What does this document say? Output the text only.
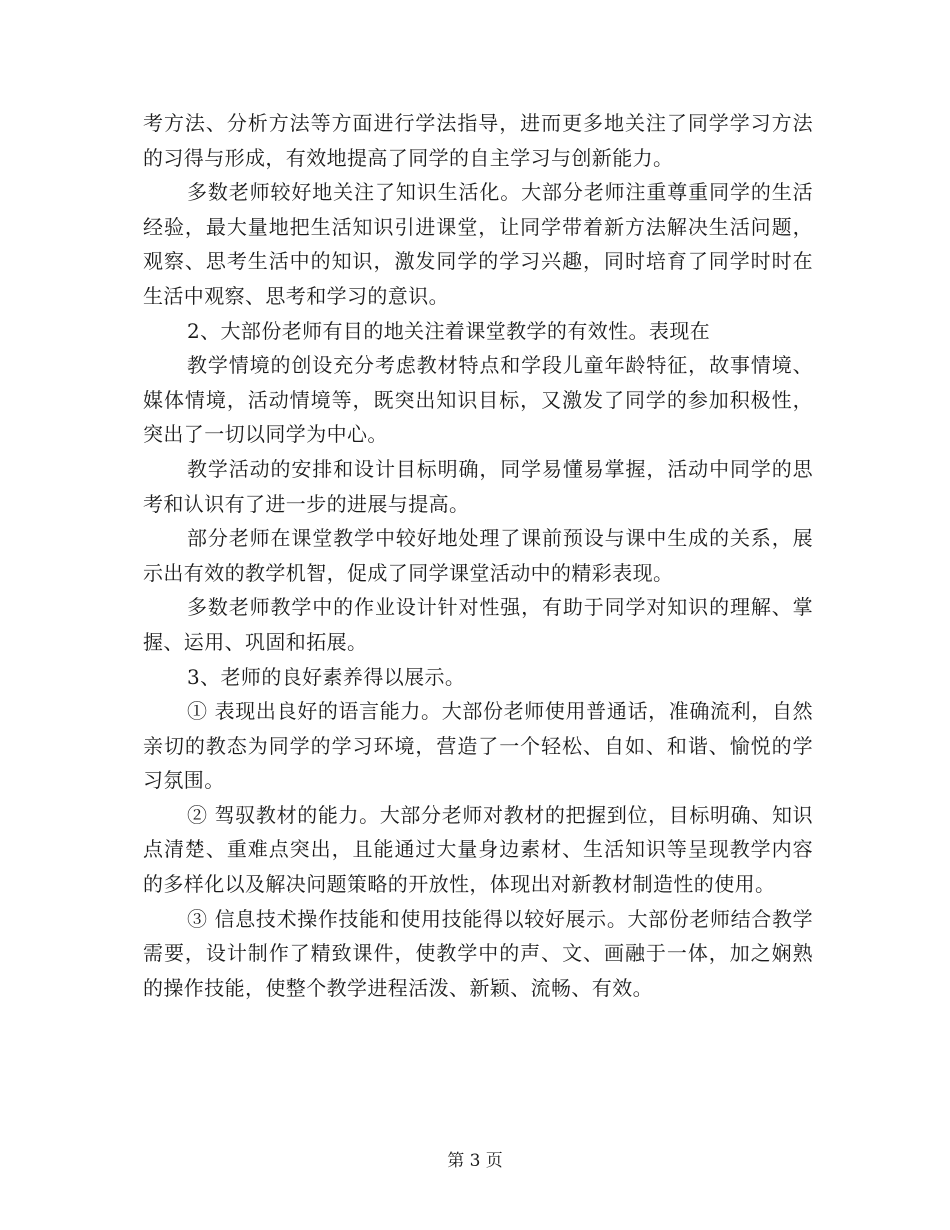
考方法、分析方法等方面进行学法指导，进而更多地关注了同学学习方法的习得与形成，有效地提高了同学的自主学习与创新能力。

多数老师较好地关注了知识生活化。大部分老师注重尊重同学的生活经验，最大量地把生活知识引进课堂，让同学带着新方法解决生活问题，观察、思考生活中的知识，激发同学的学习兴趣，同时培育了同学时时在生活中观察、思考和学习的意识。

2、大部份老师有目的地关注着课堂教学的有效性。表现在

教学情境的创设充分考虑教材特点和学段儿童年龄特征，故事情境、媒体情境，活动情境等，既突出知识目标，又激发了同学的参加积极性，突出了一切以同学为中心。

教学活动的安排和设计目标明确，同学易懂易掌握，活动中同学的思考和认识有了进一步的进展与提高。

部分老师在课堂教学中较好地处理了课前预设与课中生成的关系，展示出有效的教学机智，促成了同学课堂活动中的精彩表现。

多数老师教学中的作业设计针对性强，有助于同学对知识的理解、掌握、运用、巩固和拓展。

3、老师的良好素养得以展示。

① 表现出良好的语言能力。大部份老师使用普通话，准确流利，自然亲切的教态为同学的学习环境，营造了一个轻松、自如、和谐、愉悦的学习氛围。

② 驾驭教材的能力。大部分老师对教材的把握到位，目标明确、知识点清楚、重难点突出，且能通过大量身边素材、生活知识等呈现教学内容的多样化以及解决问题策略的开放性，体现出对新教材制造性的使用。

③ 信息技术操作技能和使用技能得以较好展示。大部份老师结合教学需要，设计制作了精致课件，使教学中的声、文、画融于一体，加之娴熟的操作技能，使整个教学进程活泼、新颖、流畅、有效。

第 3 页
